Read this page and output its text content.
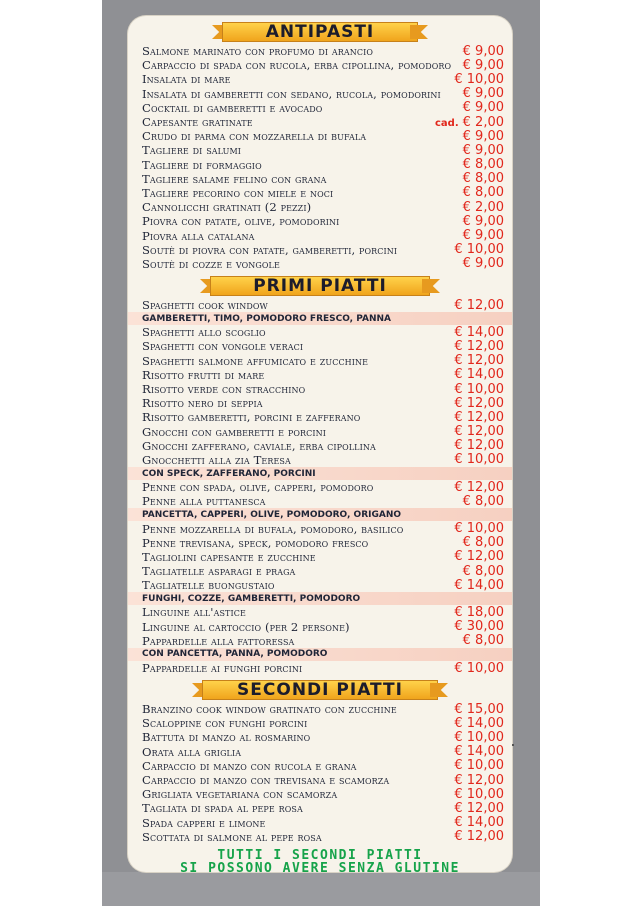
ANTIPASTI
Salmone marinato con profumo di arancio	€ 9,00
Carpaccio di spada con rucola, erba cipollina, pomodoro € 9,00
Insalata di mare	€ 10,00
Insalata di gamberetti con sedano, rucola, pomodorini € 9,00
Cocktail di gamberetti e avocado	€ 9,00
Capesante gratinate	cad. € 2,00
Crudo di parma con mozzarella di bufala	€ 9,00
Tagliere di salumi	€ 9,00
Tagliere di formaggio	€ 8,00
Tagliere salame felino con grana	€ 8,00
Tagliere pecorino con miele e noci	€ 8,00
Cannolicchi gratinati (2 pezzi)	€ 2,00
Piovra con patate, olive, pomodorini	€ 9,00
Piovra alla catalana	€ 9,00
Soutè di piovra con patate, gamberetti, porcini	€ 10,00
Soutè di cozze e vongole	€ 9,00
PRIMI PIATTI
Spaghetti cook window	€ 12,00
GAMBERETTI, TIMO, POMODORO FRESCO, PANNA
Spaghetti allo scoglio	€ 14,00
Spaghetti con vongole veraci	€ 12,00
Spaghetti salmone affumicato e zucchine	€ 12,00
Risotto frutti di mare	€ 14,00
Risotto verde con stracchino	€ 10,00
Risotto nero di seppia	€ 12,00
Risotto gamberetti, porcini e zafferano	€ 12,00
Gnocchi con gamberetti e porcini	€ 12,00
Gnocchi zafferano, caviale, erba cipollina	€ 12,00
Gnocchetti alla zia Teresa	€ 10,00
CON SPECK, ZAFFERANO, PORCINI
Penne con spada, olive, capperi, pomodoro	€ 12,00
Penne alla puttanesca	€ 8,00
PANCETTA, CAPPERI, OLIVE, POMODORO, ORIGANO
Penne mozzarella di bufala, pomodoro, basilico	€ 10,00
Penne trevisana, speck, pomodoro fresco	€ 8,00
Tagliolini capesante e zucchine	€ 12,00
Tagliatelle asparagi e praga	€ 8,00
Tagliatelle buongustaio	€ 14,00
FUNGHI, COZZE, GAMBERETTI, POMODORO
Linguine all'astice	€ 18,00
Linguine al cartoccio (per 2 persone)	€ 30,00
Pappardelle alla fattoressa	€ 8,00
CON PANCETTA, PANNA, POMODORO
Pappardelle ai funghi porcini	€ 10,00
SECONDI PIATTI
Branzino cook window gratinato con zucchine	€ 15,00
Scaloppine con funghi porcini	€ 14,00
Battuta di manzo al rosmarino	€ 10,00
Orata alla griglia	€ 14,00
Carpaccio di manzo con rucola e grana	€ 10,00
Carpaccio di manzo con trevisana e scamorza	€ 12,00
Grigliata vegetariana con scamorza	€ 10,00
Tagliata di spada al pepe rosa	€ 12,00
Spada capperi e limone	€ 14,00
Scottata di salmone al pepe rosa	€ 12,00
TUTTI I SECONDI PIATTI
SI POSSONO AVERE SENZA GLUTINE
